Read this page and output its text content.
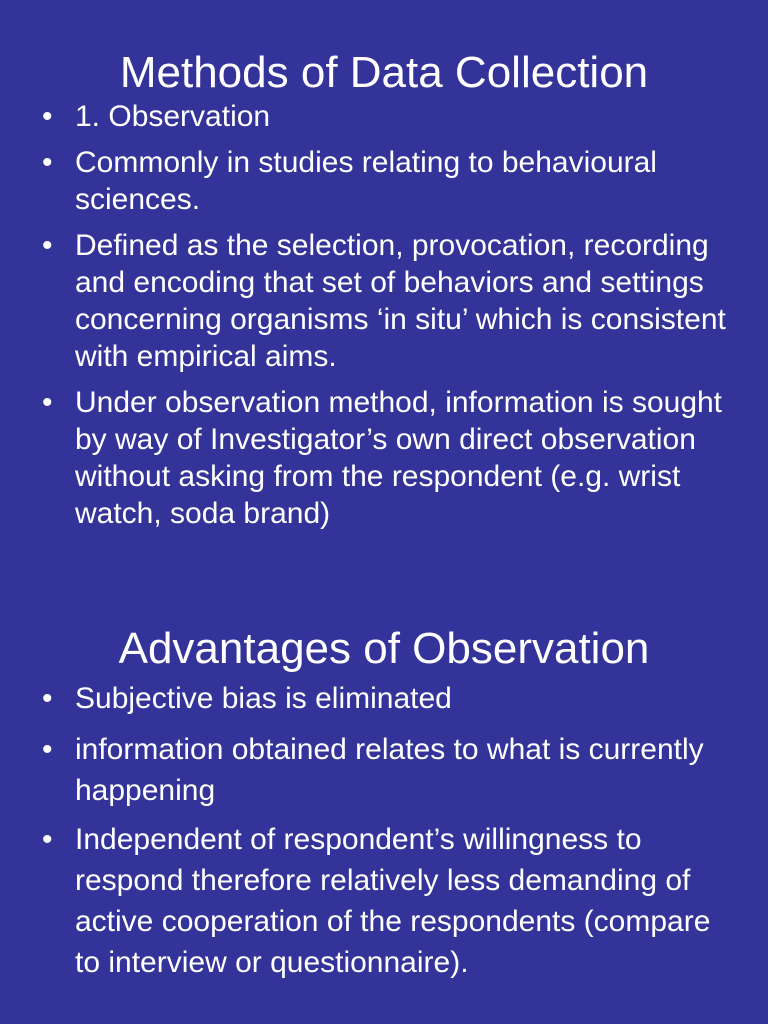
Methods of Data Collection
• 1. Observation
• Commonly in studies relating to behavioural sciences.
• Defined as the selection, provocation, recording and encoding that set of behaviors and settings concerning organisms ‘in situ’ which is consistent with empirical aims.
• Under observation method, information is sought by way of Investigator’s own direct observation without asking from the respondent (e.g. wrist watch, soda brand)
Advantages of Observation
• Subjective bias is eliminated
• information obtained relates to what is currently happening
• Independent of respondent’s willingness to respond therefore relatively less demanding of active cooperation of the respondents (compare to interview or questionnaire).
